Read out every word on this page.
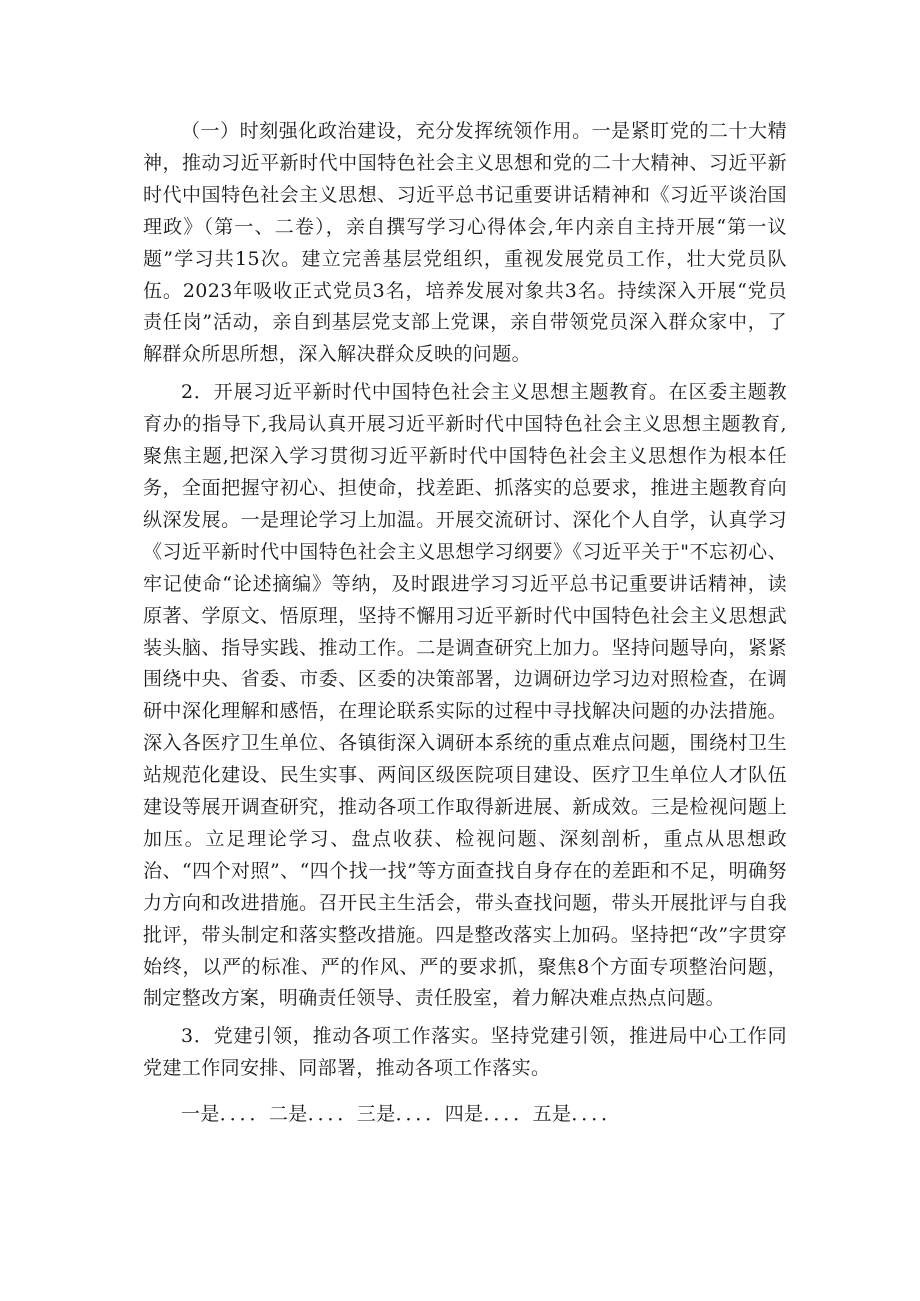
（一）时刻强化政治建设，充分发挥统领作用。一是紧盯党的二十大精神，推动习近平新时代中国特色社会主义思想和党的二十大精神、习近平新时代中国特色社会主义思想、习近平总书记重要讲话精神和《习近平谈治国理政》（第一、二卷），亲自撰写学习心得体会,年内亲自主持开展“第一议题”学习共15次。建立完善基层党组织，重视发展党员工作，壮大党员队伍。2023年吸收正式党员3名，培养发展对象共3名。持续深入开展“党员责任岗”活动，亲自到基层党支部上党课，亲自带领党员深入群众家中，了解群众所思所想，深入解决群众反映的问题。

2．开展习近平新时代中国特色社会主义思想主题教育。在区委主题教育办的指导下,我局认真开展习近平新时代中国特色社会主义思想主题教育,聚焦主题,把深入学习贯彻习近平新时代中国特色社会主义思想作为根本任务，全面把握守初心、担使命，找差距、抓落实的总要求，推进主题教育向纵深发展。一是理论学习上加温。开展交流研讨、深化个人自学，认真学习《习近平新时代中国特色社会主义思想学习纲要》《习近平关于"不忘初心、牢记使命“论述摘编》等纳，及时跟进学习习近平总书记重要讲话精神，读原著、学原文、悟原理，坚持不懈用习近平新时代中国特色社会主义思想武装头脑、指导实践、推动工作。二是调查研究上加力。坚持问题导向，紧紧围绕中央、省委、市委、区委的决策部署，边调研边学习边对照检查，在调研中深化理解和感悟，在理论联系实际的过程中寻找解决问题的办法措施。深入各医疗卫生单位、各镇街深入调研本系统的重点难点问题，围绕村卫生站规范化建设、民生实事、两间区级医院项目建设、医疗卫生单位人才队伍建设等展开调查研究，推动各项工作取得新进展、新成效。三是检视问题上加压。立足理论学习、盘点收获、检视问题、深刻剖析，重点从思想政治、“四个对照”、“四个找一找”等方面查找自身存在的差距和不足，明确努力方向和改进措施。召开民主生活会，带头查找问题，带头开展批评与自我批评，带头制定和落实整改措施。四是整改落实上加码。坚持把“改”字贯穿始终，以严的标准、严的作风、严的要求抓，聚焦8个方面专项整治问题，制定整改方案，明确责任领导、责任股室，着力解决难点热点问题。

3．党建引领，推动各项工作落实。坚持党建引领，推进局中心工作同党建工作同安排、同部署，推动各项工作落实。

一是．．．．二是．．．．三是．．．．四是．．．．五是．．．．
